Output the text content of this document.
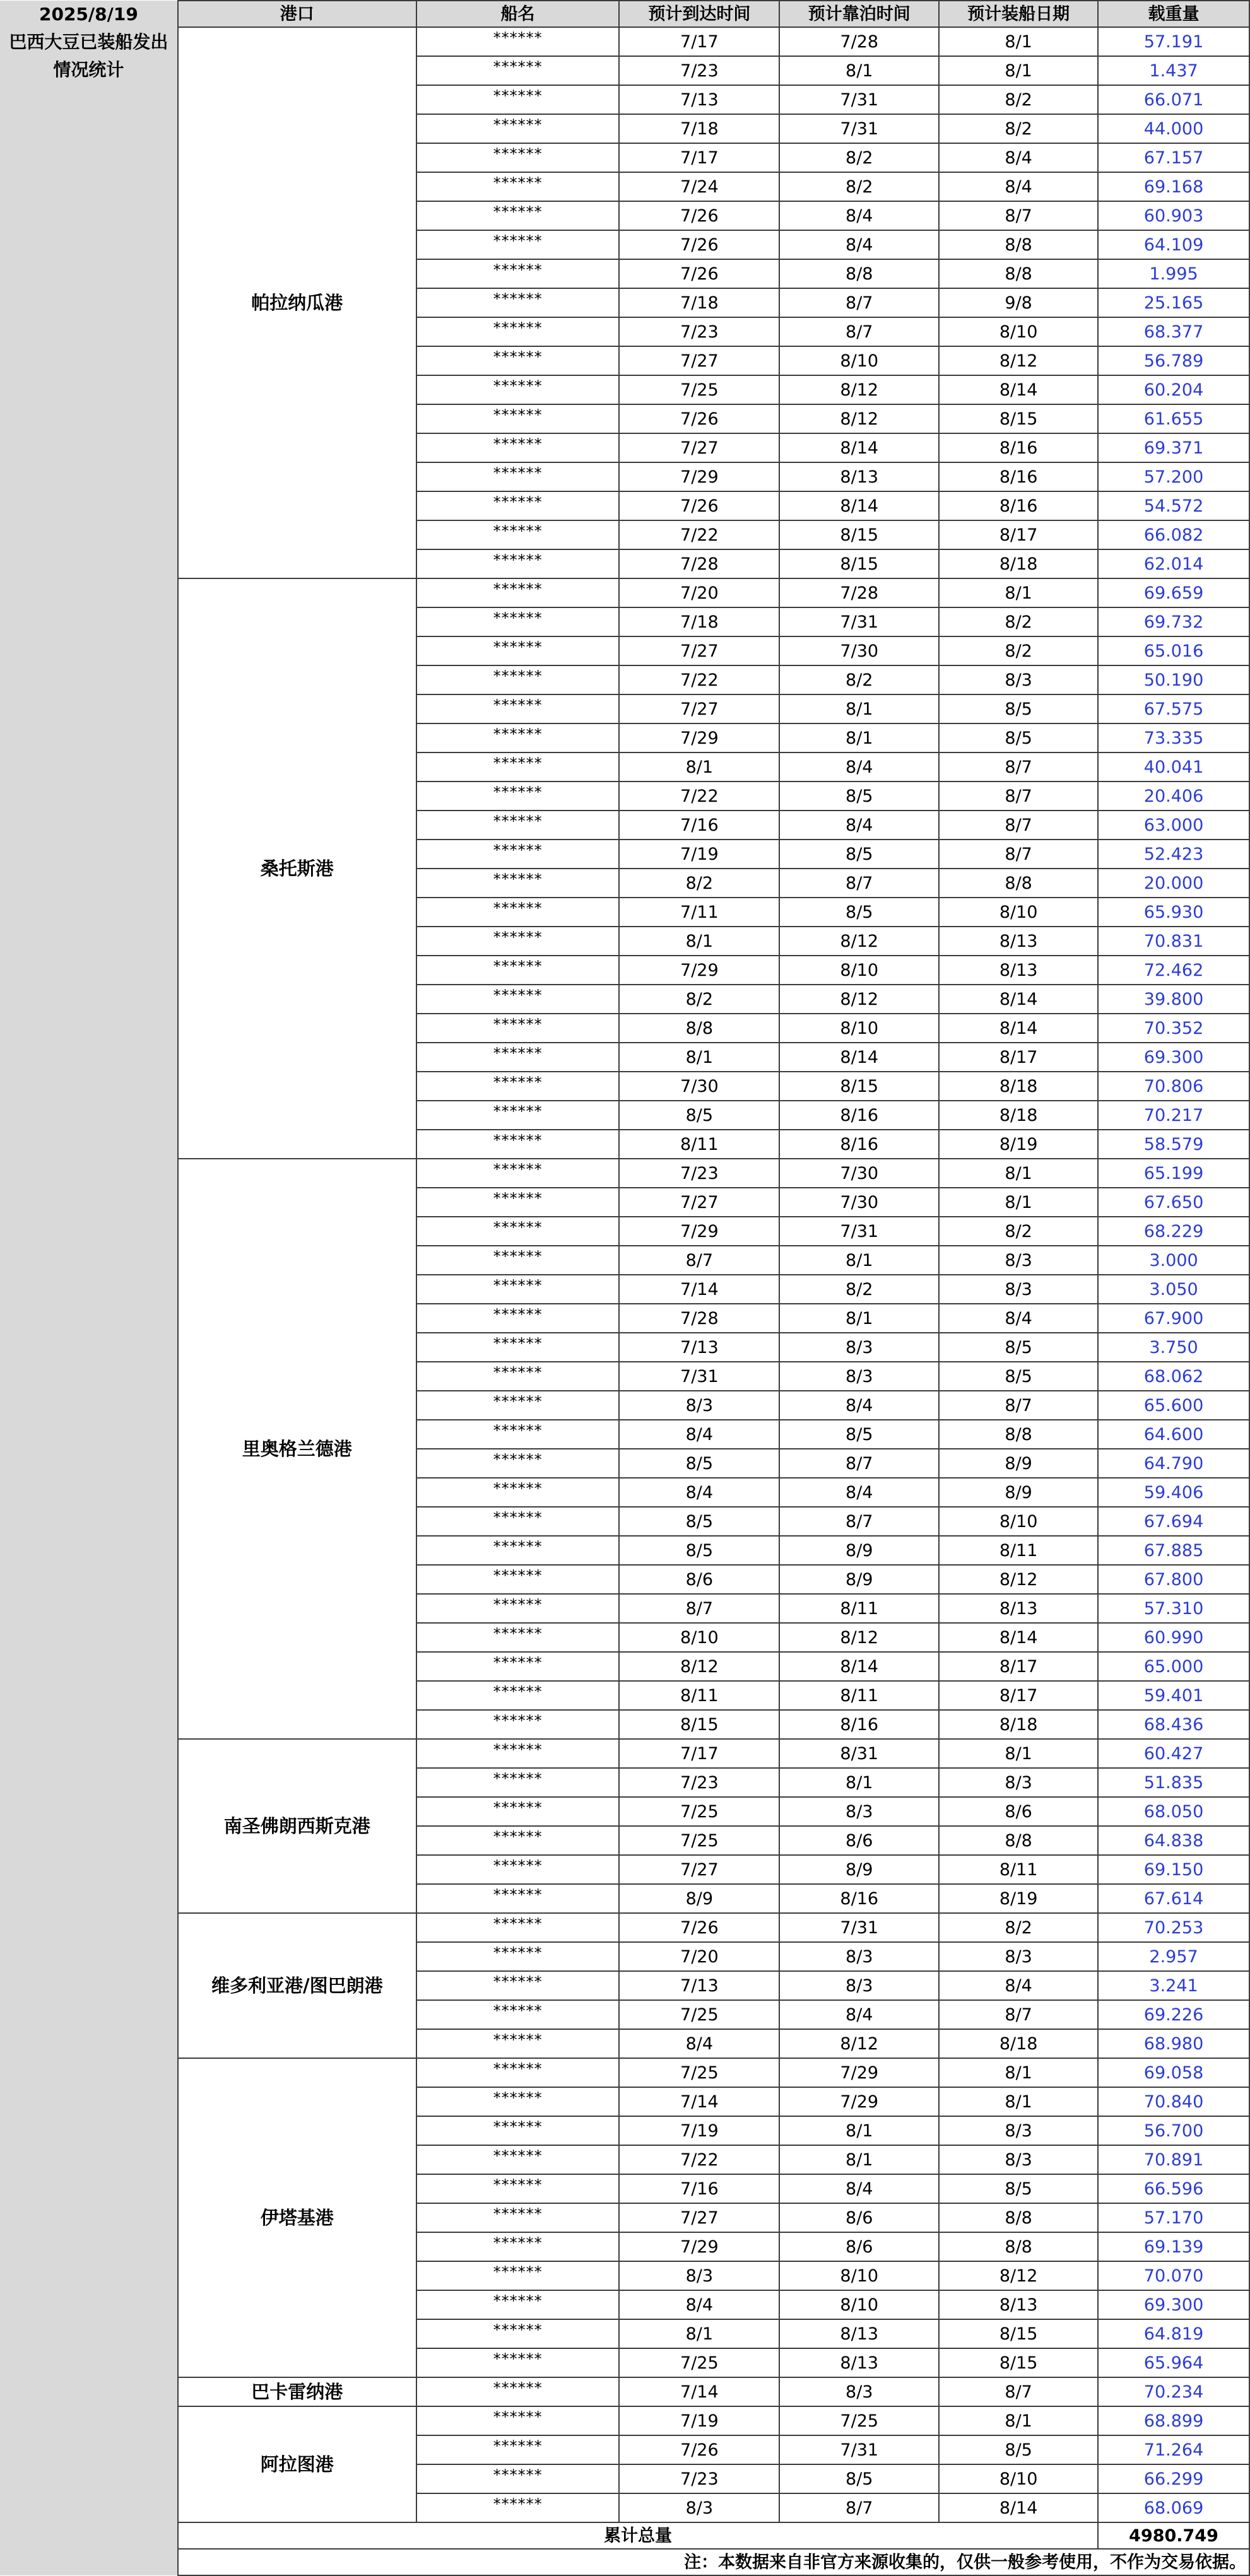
2025/8/19
巴西大豆已装船发出情况统计	港口	船名	预计到达时间	预计靠泊时间	预计装船日期	载重量
	帕拉纳瓜港	******	7/17	7/28	8/1	57.191
		******	7/23	8/1	8/1	1.437
		******	7/13	7/31	8/2	66.071
		******	7/18	7/31	8/2	44.000
		******	7/17	8/2	8/4	67.157
		******	7/24	8/2	8/4	69.168
		******	7/26	8/4	8/7	60.903
		******	7/26	8/4	8/8	64.109
		******	7/26	8/8	8/8	1.995
		******	7/18	8/7	9/8	25.165
		******	7/23	8/7	8/10	68.377
		******	7/27	8/10	8/12	56.789
		******	7/25	8/12	8/14	60.204
		******	7/26	8/12	8/15	61.655
		******	7/27	8/14	8/16	69.371
		******	7/29	8/13	8/16	57.200
		******	7/26	8/14	8/16	54.572
		******	7/22	8/15	8/17	66.082
		******	7/28	8/15	8/18	62.014
	桑托斯港	******	7/20	7/28	8/1	69.659
		******	7/18	7/31	8/2	69.732
		******	7/27	7/30	8/2	65.016
		******	7/22	8/2	8/3	50.190
		******	7/27	8/1	8/5	67.575
		******	7/29	8/1	8/5	73.335
		******	8/1	8/4	8/7	40.041
		******	7/22	8/5	8/7	20.406
		******	7/16	8/4	8/7	63.000
		******	7/19	8/5	8/7	52.423
		******	8/2	8/7	8/8	20.000
		******	7/11	8/5	8/10	65.930
		******	8/1	8/12	8/13	70.831
		******	7/29	8/10	8/13	72.462
		******	8/2	8/12	8/14	39.800
		******	8/8	8/10	8/14	70.352
		******	8/1	8/14	8/17	69.300
		******	7/30	8/15	8/18	70.806
		******	8/5	8/16	8/18	70.217
		******	8/11	8/16	8/19	58.579
	里奥格兰德港	******	7/23	7/30	8/1	65.199
		******	7/27	7/30	8/1	67.650
		******	7/29	7/31	8/2	68.229
		******	8/7	8/1	8/3	3.000
		******	7/14	8/2	8/3	3.050
		******	7/28	8/1	8/4	67.900
		******	7/13	8/3	8/5	3.750
		******	7/31	8/3	8/5	68.062
		******	8/3	8/4	8/7	65.600
		******	8/4	8/5	8/8	64.600
		******	8/5	8/7	8/9	64.790
		******	8/4	8/4	8/9	59.406
		******	8/5	8/7	8/10	67.694
		******	8/5	8/9	8/11	67.885
		******	8/6	8/9	8/12	67.800
		******	8/7	8/11	8/13	57.310
		******	8/10	8/12	8/14	60.990
		******	8/12	8/14	8/17	65.000
		******	8/11	8/11	8/17	59.401
		******	8/15	8/16	8/18	68.436
	南圣佛朗西斯克港	******	7/17	8/31	8/1	60.427
		******	7/23	8/1	8/3	51.835
		******	7/25	8/3	8/6	68.050
		******	7/25	8/6	8/8	64.838
		******	7/27	8/9	8/11	69.150
		******	8/9	8/16	8/19	67.614
	维多利亚港/图巴朗港	******	7/26	7/31	8/2	70.253
		******	7/20	8/3	8/3	2.957
		******	7/13	8/3	8/4	3.241
		******	7/25	8/4	8/7	69.226
		******	8/4	8/12	8/18	68.980
	伊塔基港	******	7/25	7/29	8/1	69.058
		******	7/14	7/29	8/1	70.840
		******	7/19	8/1	8/3	56.700
		******	7/22	8/1	8/3	70.891
		******	7/16	8/4	8/5	66.596
		******	7/27	8/6	8/8	57.170
		******	7/29	8/6	8/8	69.139
		******	8/3	8/10	8/12	70.070
		******	8/4	8/10	8/13	69.300
		******	8/1	8/13	8/15	64.819
		******	7/25	8/13	8/15	65.964
	巴卡雷纳港	******	7/14	8/3	8/7	70.234
	阿拉图港	******	7/19	7/25	8/1	68.899
		******	7/26	7/31	8/5	71.264
		******	7/23	8/5	8/10	66.299
		******	8/3	8/7	8/14	68.069
	累计总量					4980.749
	注：本数据来自非官方来源收集的，仅供一般参考使用，不作为交易依据。					
